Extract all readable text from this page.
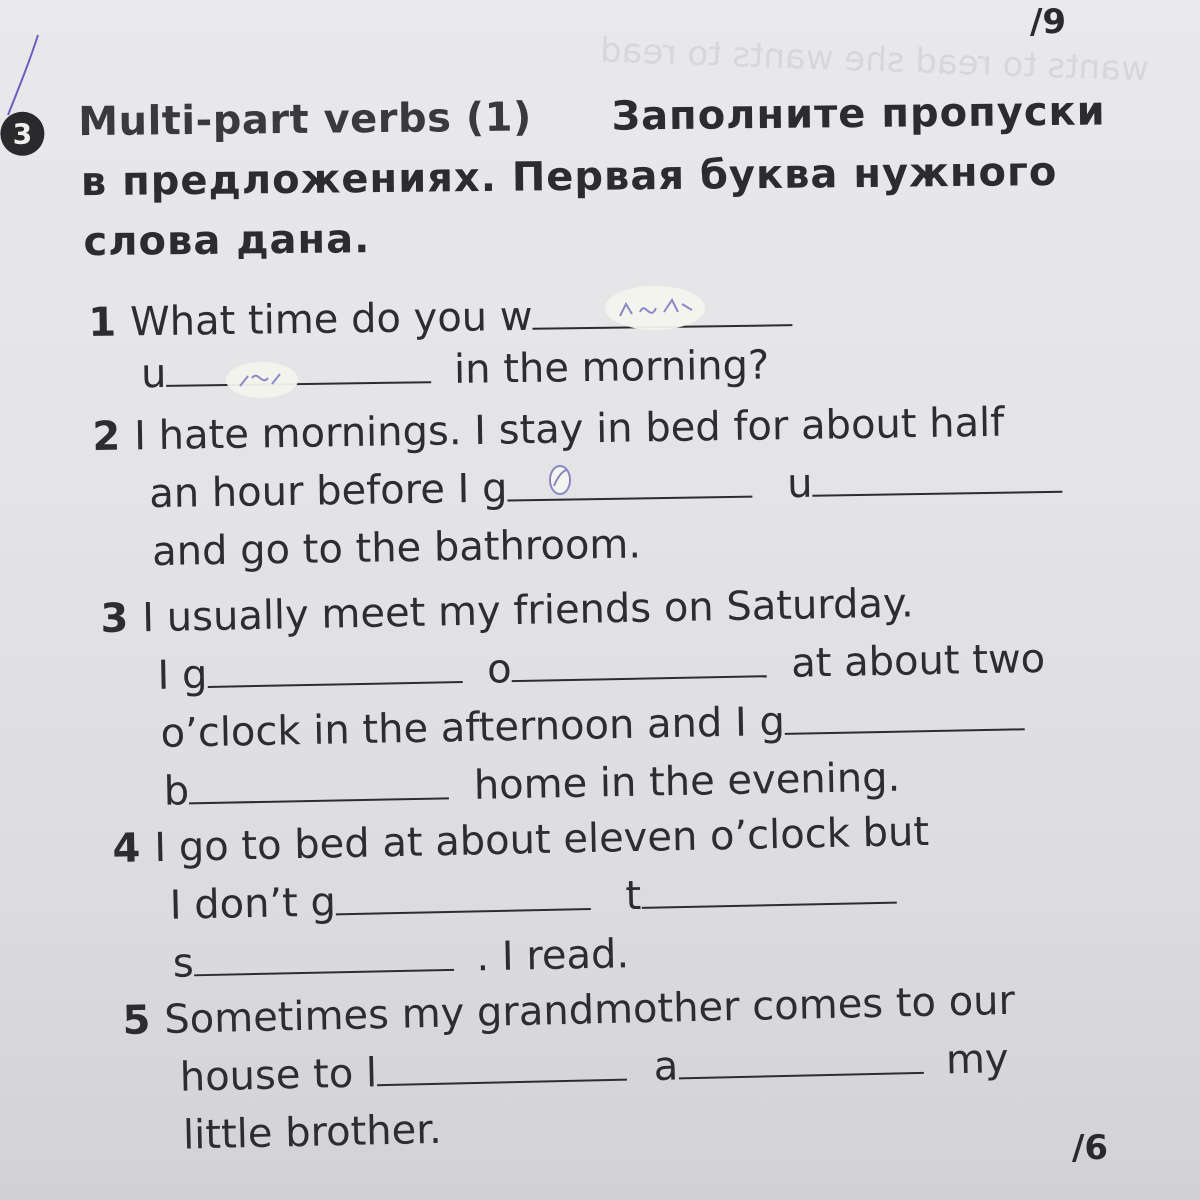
wants to read she wants to read
/9
3	Multi-part verbs (1) Заполните пропуски
в предложениях. Первая буква нужного
слова дана.
1 What time do you w
u	in the morning?
2 I hate mornings. I stay in bed for about half
an hour before I g	u
and go to the bathroom.
3 I usually meet my friends on Saturday.
I g	o	at about two
o’clock in the afternoon and I g
b	home in the evening.
4 I go to bed at about eleven o’clock but
I don’t g	t
s	. I read.
5 Sometimes my grandmother comes to our
house to l	a	my
little brother.	/6
